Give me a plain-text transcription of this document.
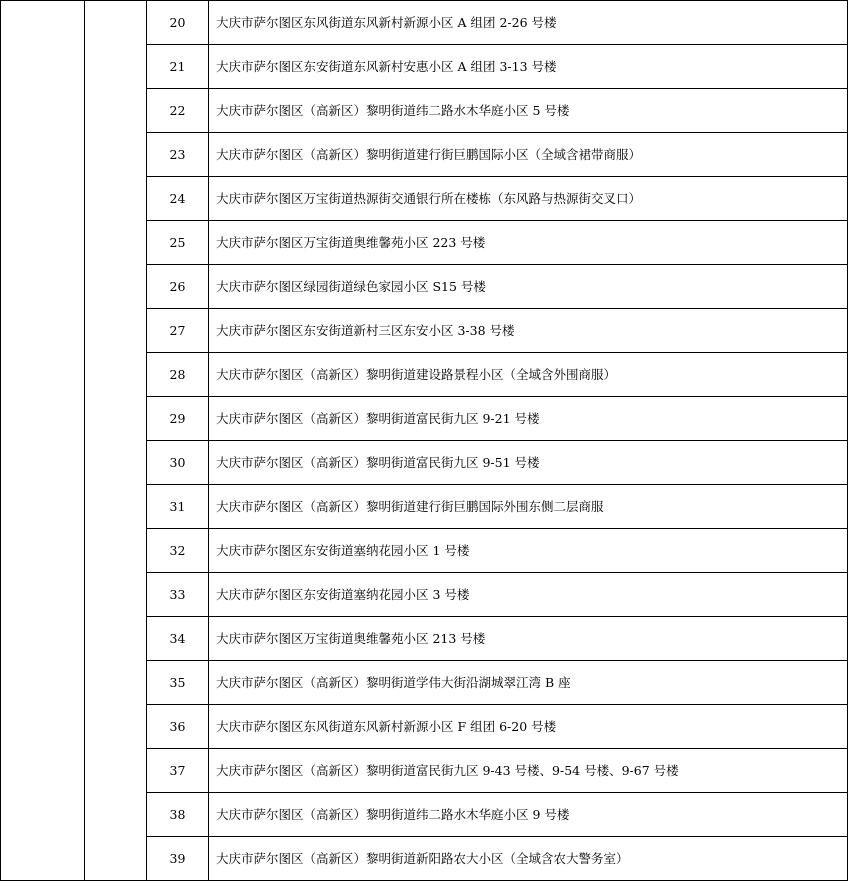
		20	大庆市萨尔图区东风街道东风新村新源小区 A 组团 2-26 号楼
		21	大庆市萨尔图区东安街道东风新村安惠小区 A 组团 3-13 号楼
		22	大庆市萨尔图区（高新区）黎明街道纬二路水木华庭小区 5 号楼
		23	大庆市萨尔图区（高新区）黎明街道建行街巨鹏国际小区（全域含裙带商服）
		24	大庆市萨尔图区万宝街道热源街交通银行所在楼栋（东风路与热源街交叉口）
		25	大庆市萨尔图区万宝街道奥维馨苑小区 223 号楼
		26	大庆市萨尔图区绿园街道绿色家园小区 S15 号楼
		27	大庆市萨尔图区东安街道新村三区东安小区 3-38 号楼
		28	大庆市萨尔图区（高新区）黎明街道建设路景程小区（全域含外围商服）
		29	大庆市萨尔图区（高新区）黎明街道富民街九区 9-21 号楼
		30	大庆市萨尔图区（高新区）黎明街道富民街九区 9-51 号楼
		31	大庆市萨尔图区（高新区）黎明街道建行街巨鹏国际外围东侧二层商服
		32	大庆市萨尔图区东安街道塞纳花园小区 1 号楼
		33	大庆市萨尔图区东安街道塞纳花园小区 3 号楼
		34	大庆市萨尔图区万宝街道奥维馨苑小区 213 号楼
		35	大庆市萨尔图区（高新区）黎明街道学伟大街沿湖城翠江湾 B 座
		36	大庆市萨尔图区东风街道东风新村新源小区 F 组团 6-20 号楼
		37	大庆市萨尔图区（高新区）黎明街道富民街九区 9-43 号楼、9-54 号楼、9-67 号楼
		38	大庆市萨尔图区（高新区）黎明街道纬二路水木华庭小区 9 号楼
		39	大庆市萨尔图区（高新区）黎明街道新阳路农大小区（全域含农大警务室）
